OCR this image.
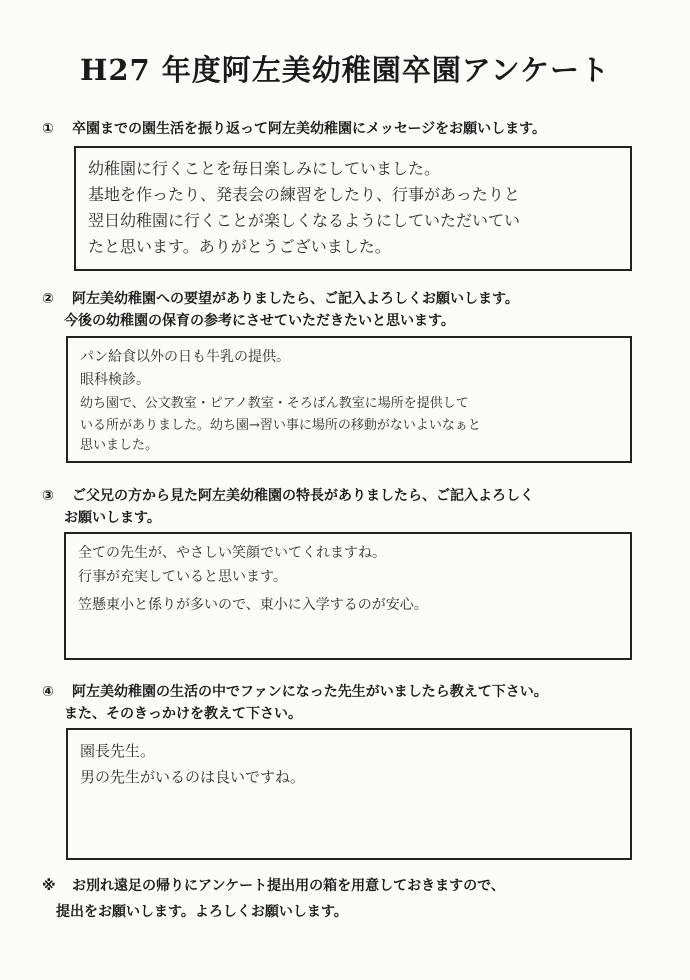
H27 年度阿左美幼稚園卒園アンケート
① 卒園までの園生活を振り返って阿左美幼稚園にメッセージをお願いします。
幼稚園に行くことを毎日楽しみにしていました。
基地を作ったり、発表会の練習をしたり、行事があったりと
翌日幼稚園に行くことが楽しくなるようにしていただいてい
たと思います。ありがとうございました。
② 阿左美幼稚園への要望がありましたら、ご記入よろしくお願いします。
今後の幼稚園の保育の参考にさせていただきたいと思います。
パン給食以外の日も牛乳の提供。
眼科検診。
幼ち園で、公文教室・ピアノ教室・そろばん教室に場所を提供して
いる所がありました。幼ち園→習い事に場所の移動がないよいなぁと
思いました。
③ ご父兄の方から見た阿左美幼稚園の特長がありましたら、ご記入よろしく
お願いします。
全ての先生が、やさしい笑顔でいてくれますね。
行事が充実していると思います。
笠懸東小と係りが多いので、東小に入学するのが安心。
④ 阿左美幼稚園の生活の中でファンになった先生がいましたら教えて下さい。
また、そのきっかけを教えて下さい。
園長先生。
男の先生がいるのは良いですね。
※ お別れ遠足の帰りにアンケート提出用の箱を用意しておきますので、
提出をお願いします。よろしくお願いします。
